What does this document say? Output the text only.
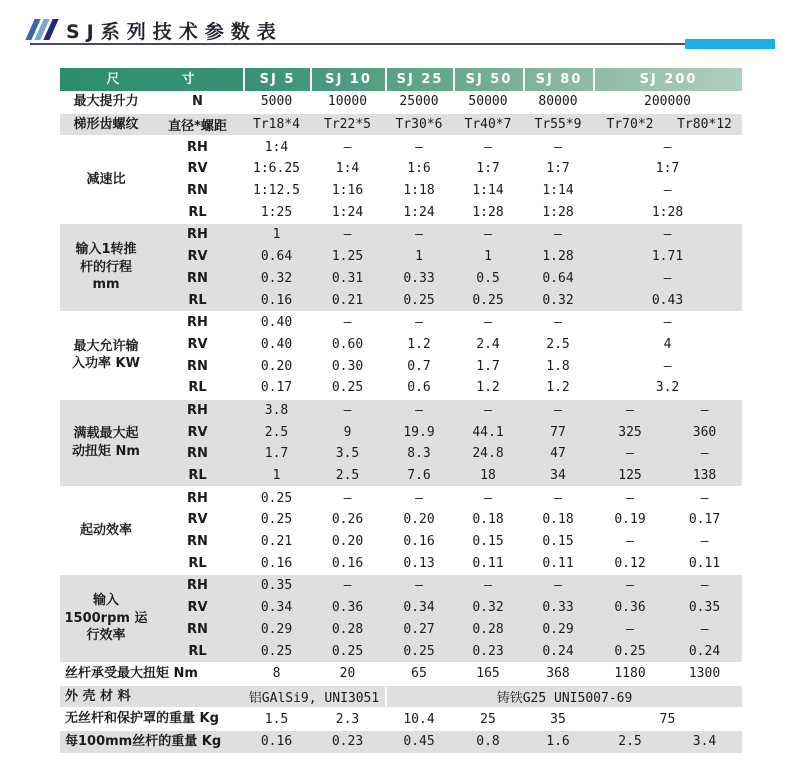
SJ系列技术参数表
尺　　　　寸	SJ 5	SJ 10	SJ 25	SJ 50	SJ 80	SJ 200
最大提升力	N	5000	10000	25000	50000	80000	200000
梯形齿螺纹	直径*螺距	Tr18*4	Tr22*5	Tr30*6	Tr40*7	Tr55*9	Tr70*2	Tr80*12
减速比
RH	1:4	–	–	–	–	–
RV	1:6.25	1:4	1:6	1:7	1:7	1:7
RN	1:12.5	1:16	1:18	1:14	1:14	–
RL	1:25	1:24	1:24	1:28	1:28	1:28
输入1转推
杆的行程
mm
RH	1	–	–	–	–	–
RV	0.64	1.25	1	1	1.28	1.71
RN	0.32	0.31	0.33	0.5	0.64	–
RL	0.16	0.21	0.25	0.25	0.32	0.43
最大允许输
入功率 KW
RH	0.40	–	–	–	–	–
RV	0.40	0.60	1.2	2.4	2.5	4
RN	0.20	0.30	0.7	1.7	1.8	–
RL	0.17	0.25	0.6	1.2	1.2	3.2
满载最大起
动扭矩 Nm
RH	3.8	–	–	–	–	–	–
RV	2.5	9	19.9	44.1	77	325	360
RN	1.7	3.5	8.3	24.8	47	–	–
RL	1	2.5	7.6	18	34	125	138
起动效率
RH	0.25	–	–	–	–	–	–
RV	0.25	0.26	0.20	0.18	0.18	0.19	0.17
RN	0.21	0.20	0.16	0.15	0.15	–	–
RL	0.16	0.16	0.13	0.11	0.11	0.12	0.11
输入
1500rpm 运
行效率
RH	0.35	–	–	–	–	–	–
RV	0.34	0.36	0.34	0.32	0.33	0.36	0.35
RN	0.29	0.28	0.27	0.28	0.29	–	–
RL	0.25	0.25	0.25	0.23	0.24	0.25	0.24
丝杆承受最大扭矩 Nm	8	20	65	165	368	1180	1300
外 壳 材 料	铝GAlSi9, UNI3051	铸铁G25 UNI5007-69
无丝杆和保护罩的重量 Kg	1.5	2.3	10.4	25	35	75
每100mm丝杆的重量 Kg	0.16	0.23	0.45	0.8	1.6	2.5	3.4
